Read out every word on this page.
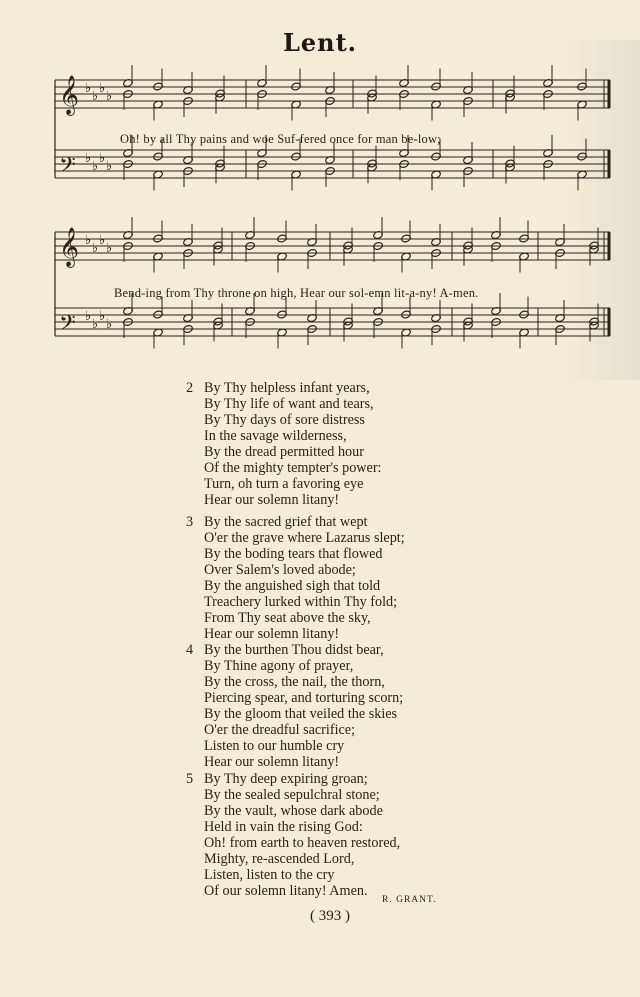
Lent.
𝄞 ♭
♭
♭
♭
𝄢 ♭
♭
♭
♭
𝄞 ♭
♭
♭
♭
𝄢 ♭
♭
♭
♭
Oh! by all Thy pains and woe Suf-fered once for man be-low;
Bend-ing from Thy throne on high, Hear our sol-emn lit-a-ny! A-men.
2 By Thy helpless infant years,
By Thy life of want and tears,
By Thy days of sore distress
In the savage wilderness,
By the dread permitted hour
Of the mighty tempter's power:
Turn, oh turn a favoring eye
Hear our solemn litany!
3 By the sacred grief that wept
O'er the grave where Lazarus slept;
By the boding tears that flowed
Over Salem's loved abode;
By the anguished sigh that told
Treachery lurked within Thy fold;
From Thy seat above the sky,
Hear our solemn litany!
4 By the burthen Thou didst bear,
By Thine agony of prayer,
By the cross, the nail, the thorn,
Piercing spear, and torturing scorn;
By the gloom that veiled the skies
O'er the dreadful sacrifice;
Listen to our humble cry
Hear our solemn litany!
5 By Thy deep expiring groan;
By the sealed sepulchral stone;
By the vault, whose dark abode
Held in vain the rising God:
Oh! from earth to heaven restored,
Mighty, re-ascended Lord,
Listen, listen to the cry
Of our solemn litany! Amen.
R. GRANT.
( 393 )
